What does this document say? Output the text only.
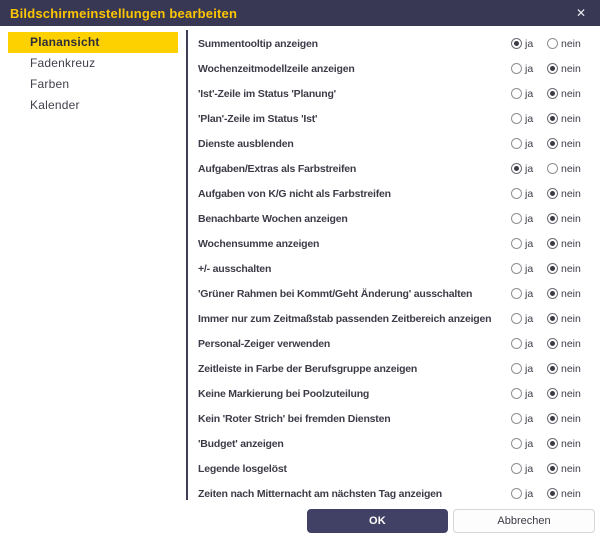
Bildschirmeinstellungen bearbeiten	✕
Planansicht
Fadenkreuz
Farben
Kalender
Summentooltip anzeigen	ja	nein
Wochenzeitmodellzeile anzeigen	ja	nein
'Ist'-Zeile im Status 'Planung'	ja	nein
'Plan'-Zeile im Status 'Ist'	ja	nein
Dienste ausblenden	ja	nein
Aufgaben/Extras als Farbstreifen	ja	nein
Aufgaben von K/G nicht als Farbstreifen	ja	nein
Benachbarte Wochen anzeigen	ja	nein
Wochensumme anzeigen	ja	nein
+/- ausschalten	ja	nein
'Grüner Rahmen bei Kommt/Geht Änderung' ausschalten	ja	nein
Immer nur zum Zeitmaßstab passenden Zeitbereich anzeigen	ja	nein
Personal-Zeiger verwenden	ja	nein
Zeitleiste in Farbe der Berufsgruppe anzeigen	ja	nein
Keine Markierung bei Poolzuteilung	ja	nein
Kein 'Roter Strich' bei fremden Diensten	ja	nein
'Budget' anzeigen	ja	nein
Legende losgelöst	ja	nein
Zeiten nach Mitternacht am nächsten Tag anzeigen	ja	nein
OK	Abbrechen
